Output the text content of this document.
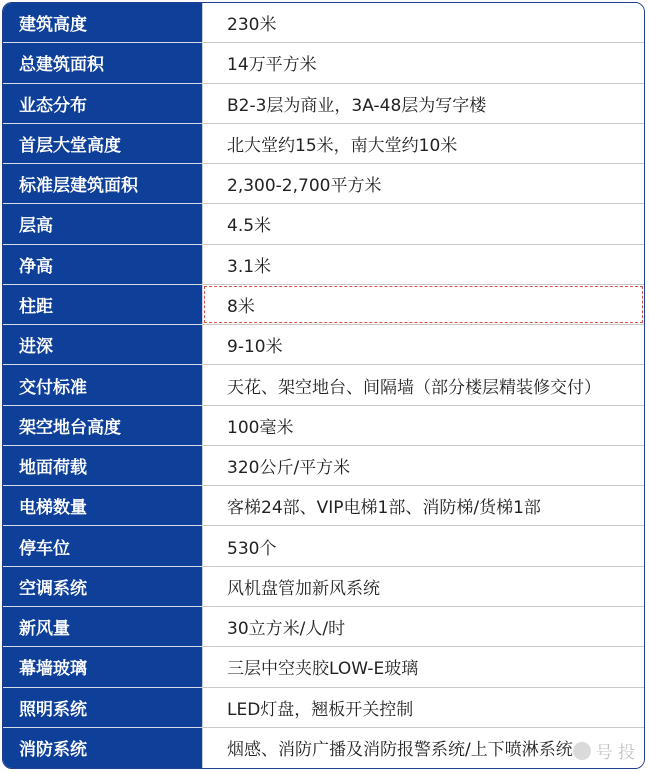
建筑高度	230米
总建筑面积	14万平方米
业态分布	B2-3层为商业，3A-48层为写字楼
首层大堂高度	北大堂约15米，南大堂约10米
标准层建筑面积	2,300-2,700平方米
层高	4.5米
净高	3.1米
柱距	8米
进深	9-10米
交付标准	天花、架空地台、间隔墙（部分楼层精装修交付）
架空地台高度	100毫米
地面荷载	320公斤/平方米
电梯数量	客梯24部、VIP电梯1部、消防梯/货梯1部
停车位	530个
空调系统	风机盘管加新风系统
新风量	30立方米/人/时
幕墙玻璃	三层中空夹胶LOW-E玻璃
照明系统	LED灯盘，翘板开关控制
消防系统	烟感、消防广播及消防报警系统/上下喷淋系统	号 投
